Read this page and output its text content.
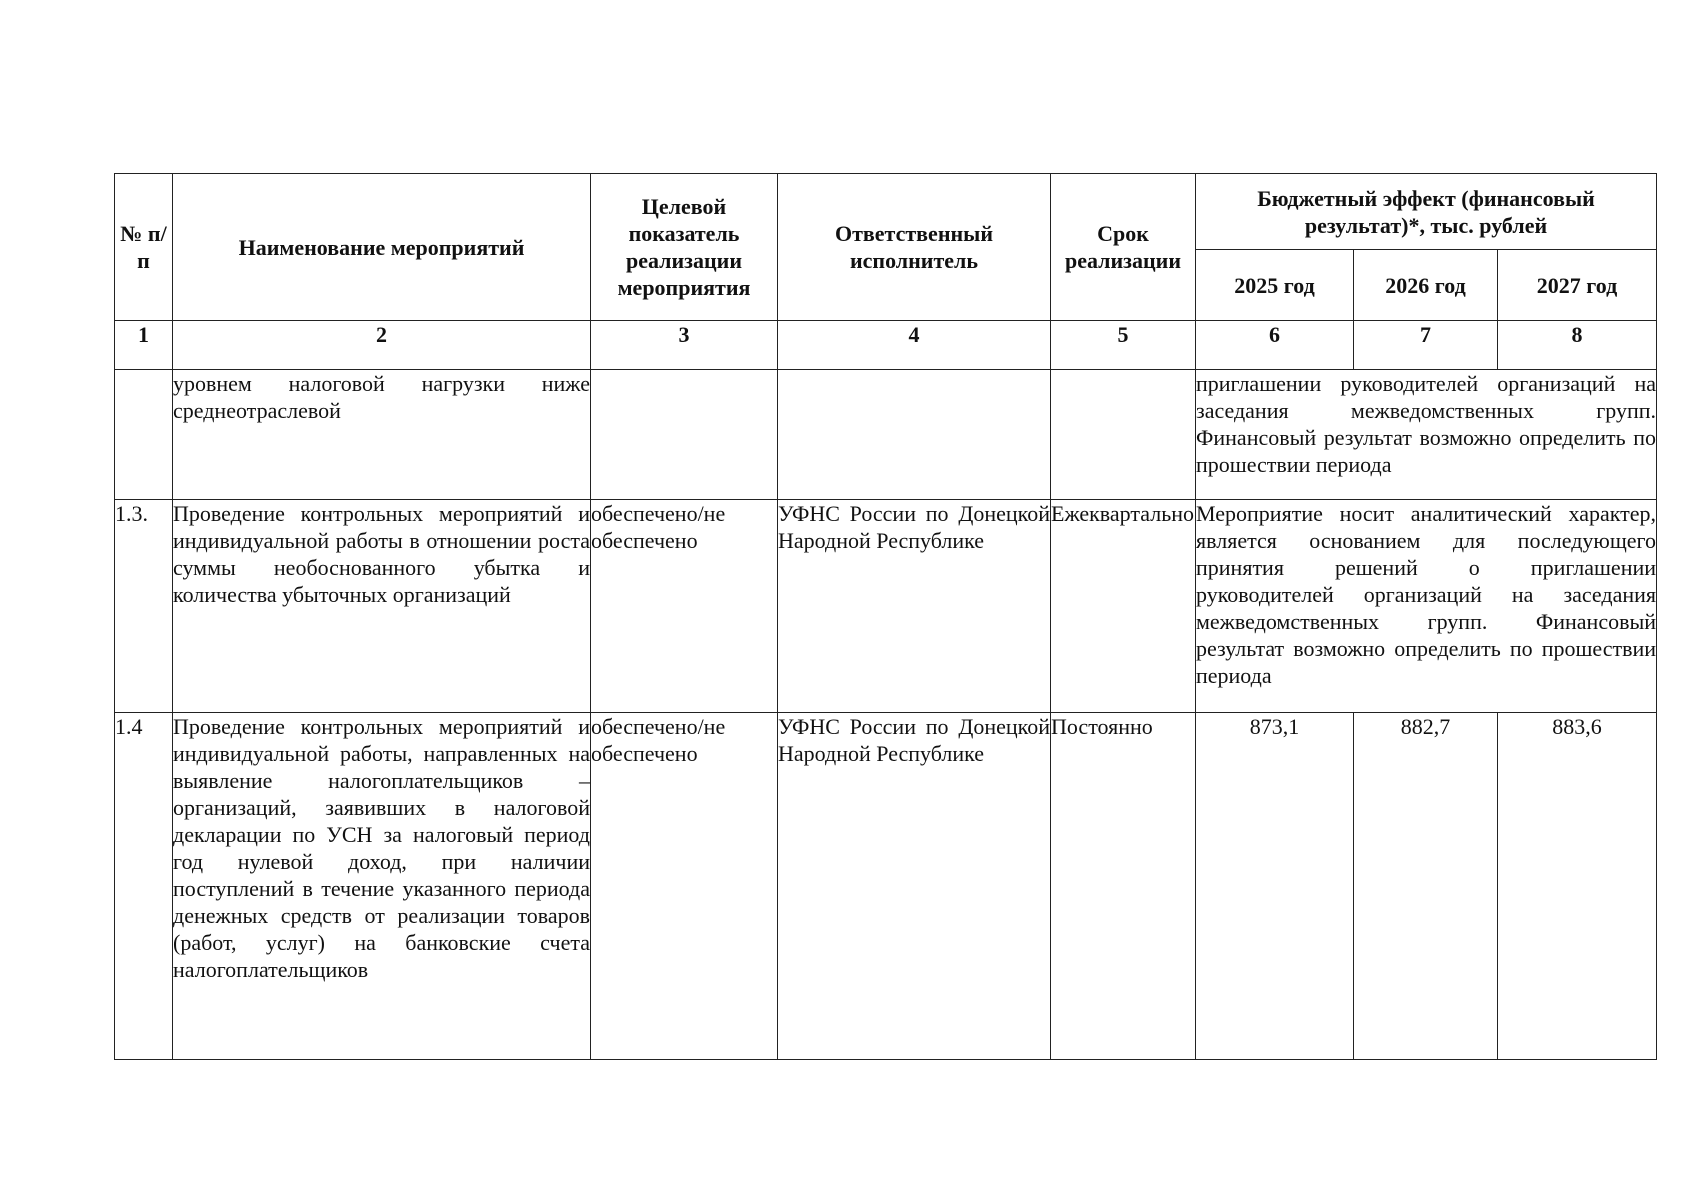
№ п/п	Наименование мероприятий	Целевой показатель реализации мероприятия	Ответственный исполнитель	Срок реализации	Бюджетный эффект (финансовый результат)*, тыс. рублей		
					2025 год	2026 год	2027 год
1	2	3	4	5	6	7	8
	уровнем налоговой нагрузки ниже среднеотраслевой				приглашении руководителей организаций на заседания межведомственных групп. Финансовый результат возможно определить по прошествии периода		
1.3.	Проведение контрольных мероприятий и индивидуальной работы в отношении роста суммы необоснованного убытка и количества убыточных организаций	обеспечено/не обеспечено	УФНС России по Донецкой Народной Республике	Ежеквартально	Мероприятие носит аналитический характер, является основанием для последующего принятия решений о приглашении руководителей организаций на заседания межведомственных групп. Финансовый результат возможно определить по прошествии периода		
1.4	Проведение контрольных мероприятий и индивидуальной работы, направленных на выявление налогоплательщиков – организаций, заявивших в налоговой декларации по УСН за налоговый период год нулевой доход, при наличии поступлений в течение указанного периода денежных средств от реализации товаров (работ, услуг) на банковские счета налогоплательщиков	обеспечено/не обеспечено	УФНС России по Донецкой Народной Республике	Постоянно	873,1	882,7	883,6
